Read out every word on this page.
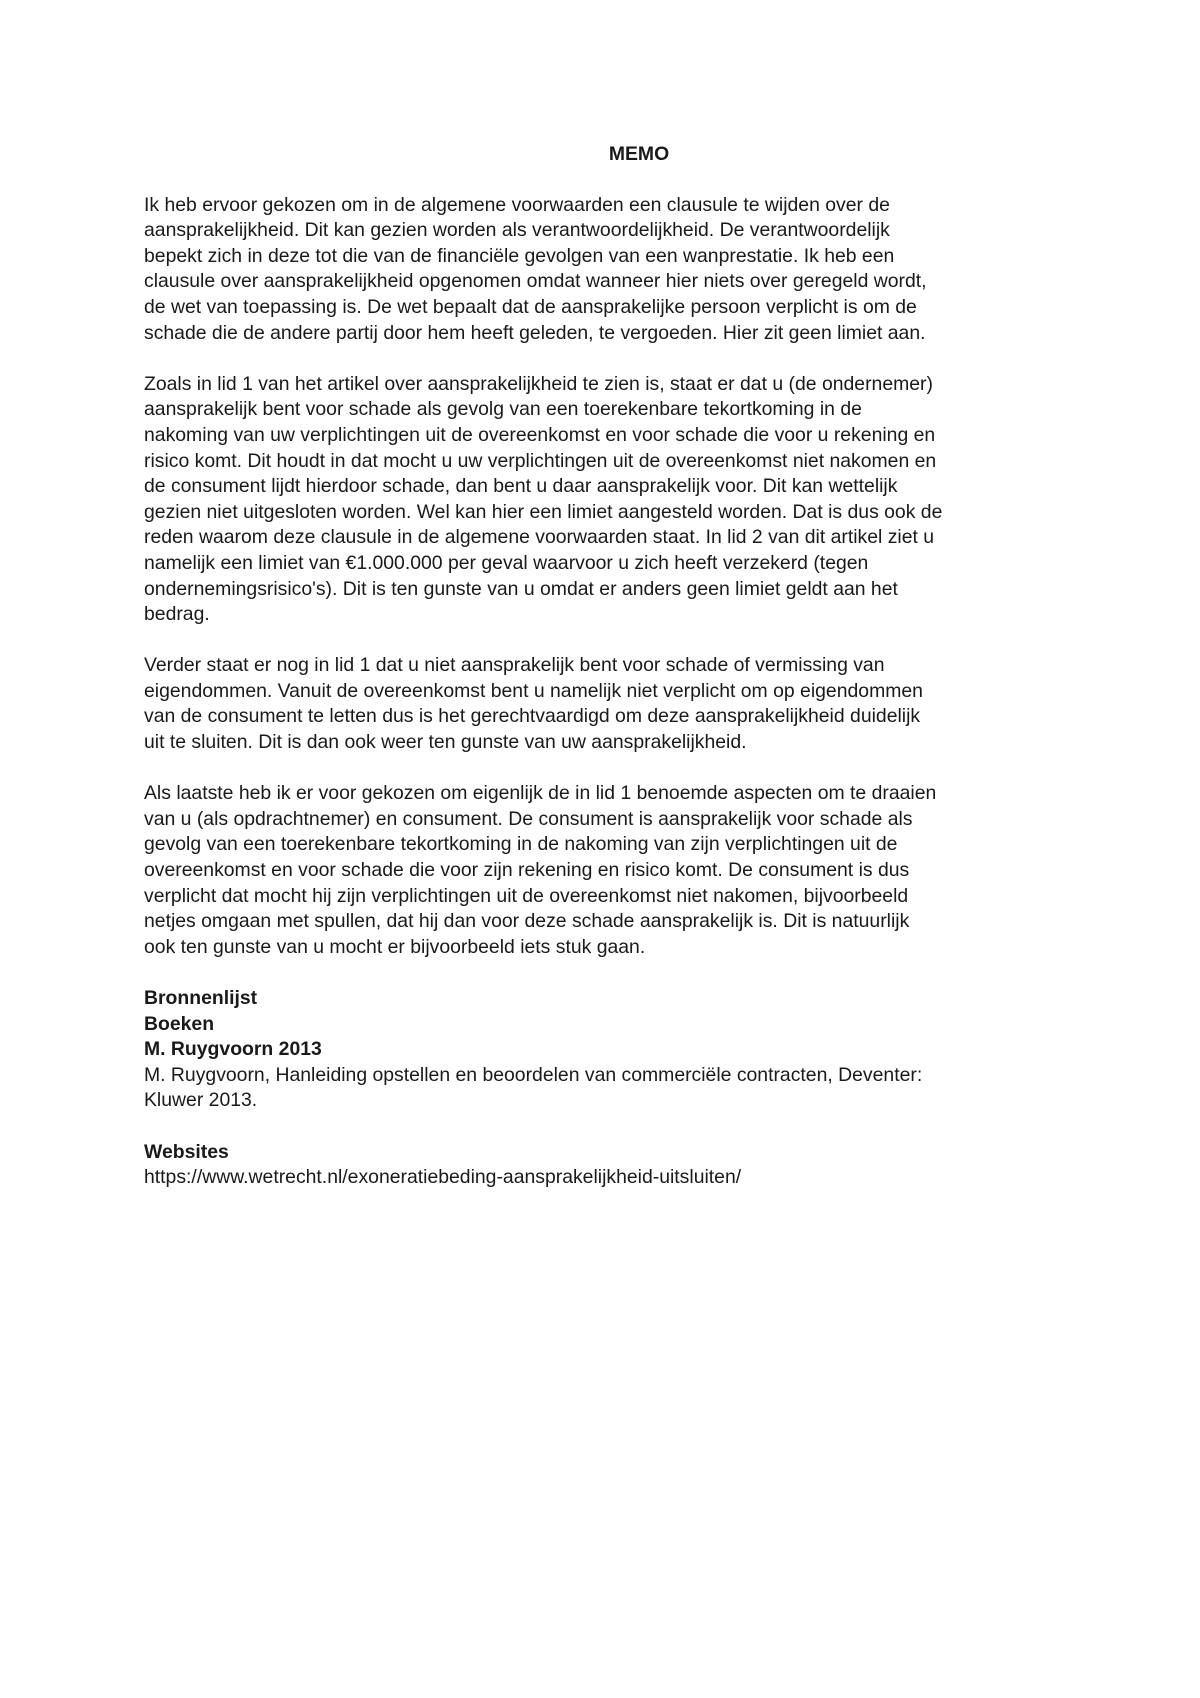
MEMO
Ik heb ervoor gekozen om in de algemene voorwaarden een clausule te wijden over de
aansprakelijkheid. Dit kan gezien worden als verantwoordelijkheid. De verantwoordelijk
bepekt zich in deze tot die van de financiële gevolgen van een wanprestatie. Ik heb een
clausule over aansprakelijkheid opgenomen omdat wanneer hier niets over geregeld wordt,
de wet van toepassing is. De wet bepaalt dat de aansprakelijke persoon verplicht is om de
schade die de andere partij door hem heeft geleden, te vergoeden. Hier zit geen limiet aan.
Zoals in lid 1 van het artikel over aansprakelijkheid te zien is, staat er dat u (de ondernemer)
aansprakelijk bent voor schade als gevolg van een toerekenbare tekortkoming in de
nakoming van uw verplichtingen uit de overeenkomst en voor schade die voor u rekening en
risico komt. Dit houdt in dat mocht u uw verplichtingen uit de overeenkomst niet nakomen en
de consument lijdt hierdoor schade, dan bent u daar aansprakelijk voor. Dit kan wettelijk
gezien niet uitgesloten worden. Wel kan hier een limiet aangesteld worden. Dat is dus ook de
reden waarom deze clausule in de algemene voorwaarden staat. In lid 2 van dit artikel ziet u
namelijk een limiet van €1.000.000 per geval waarvoor u zich heeft verzekerd (tegen
ondernemingsrisico's). Dit is ten gunste van u omdat er anders geen limiet geldt aan het
bedrag.
Verder staat er nog in lid 1 dat u niet aansprakelijk bent voor schade of vermissing van
eigendommen. Vanuit de overeenkomst bent u namelijk niet verplicht om op eigendommen
van de consument te letten dus is het gerechtvaardigd om deze aansprakelijkheid duidelijk
uit te sluiten. Dit is dan ook weer ten gunste van uw aansprakelijkheid.
Als laatste heb ik er voor gekozen om eigenlijk de in lid 1 benoemde aspecten om te draaien
van u (als opdrachtnemer) en consument. De consument is aansprakelijk voor schade als
gevolg van een toerekenbare tekortkoming in de nakoming van zijn verplichtingen uit de
overeenkomst en voor schade die voor zijn rekening en risico komt. De consument is dus
verplicht dat mocht hij zijn verplichtingen uit de overeenkomst niet nakomen, bijvoorbeeld
netjes omgaan met spullen, dat hij dan voor deze schade aansprakelijk is. Dit is natuurlijk
ook ten gunste van u mocht er bijvoorbeeld iets stuk gaan.
Bronnenlijst
Boeken
M. Ruygvoorn 2013
M. Ruygvoorn, Hanleiding opstellen en beoordelen van commerciële contracten, Deventer:
Kluwer 2013.
Websites
https://www.wetrecht.nl/exoneratiebeding-aansprakelijkheid-uitsluiten/
